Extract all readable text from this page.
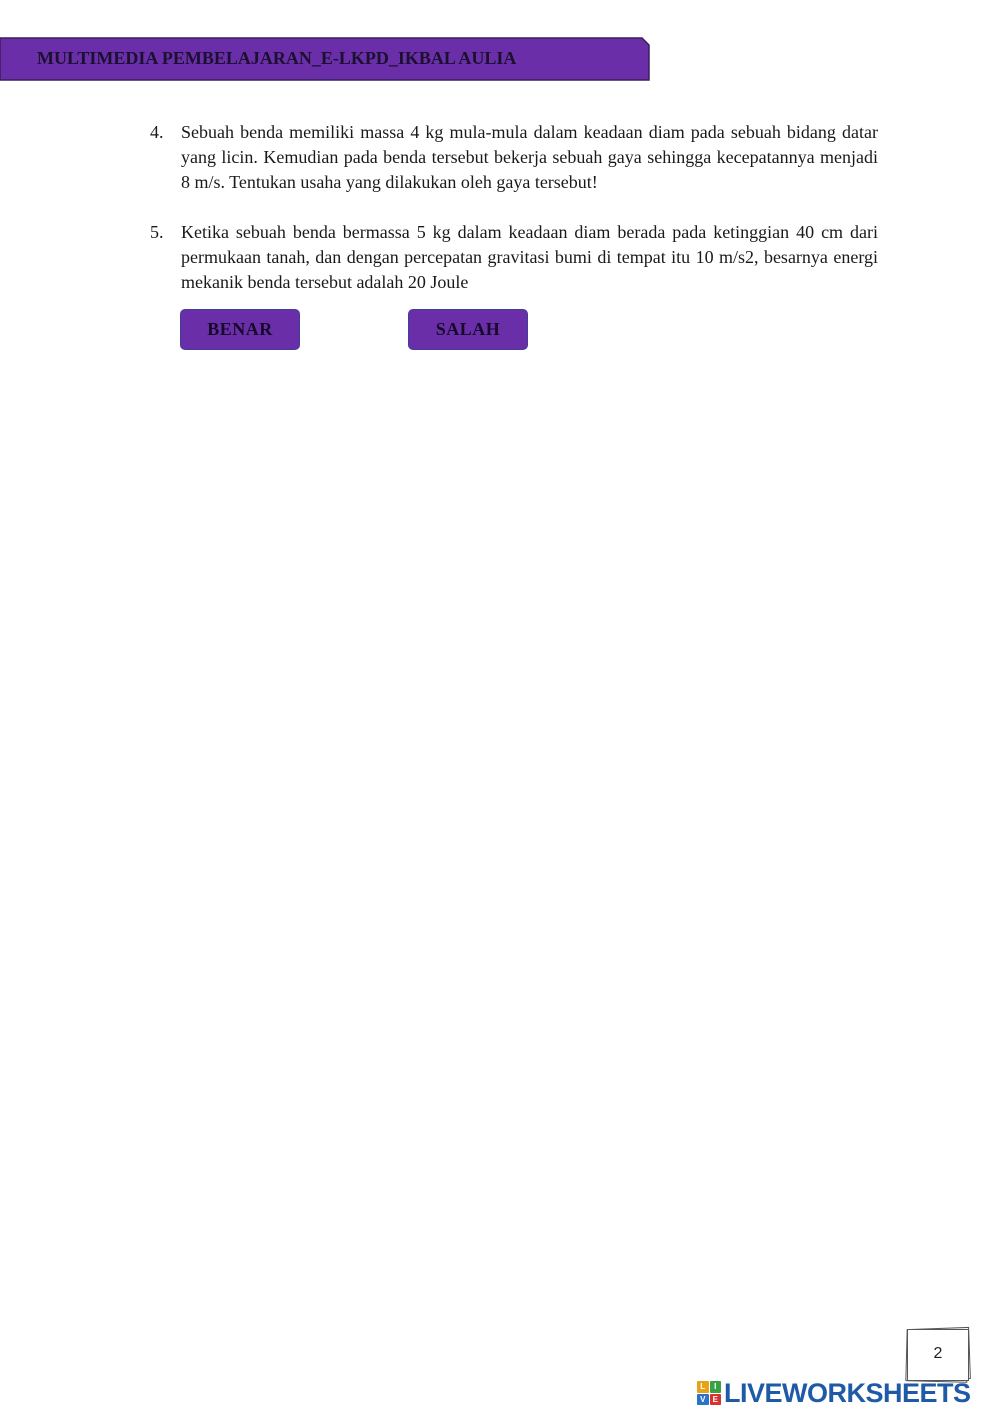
MULTIMEDIA PEMBELAJARAN_E-LKPD_IKBAL AULIA
4. Sebuah benda memiliki massa 4 kg mula-mula dalam keadaan diam pada sebuah bidang datar yang licin. Kemudian pada benda tersebut bekerja sebuah gaya sehingga kecepatannya menjadi 8 m/s. Tentukan usaha yang dilakukan oleh gaya tersebut!
5. Ketika sebuah benda bermassa 5 kg dalam keadaan diam berada pada ketinggian 40 cm dari permukaan tanah, dan dengan percepatan gravitasi bumi di tempat itu 10 m/s2, besarnya energi mekanik benda tersebut adalah 20 Joule
BENAR	SALAH
2
L	I
V E LIVEWORKSHEETS
